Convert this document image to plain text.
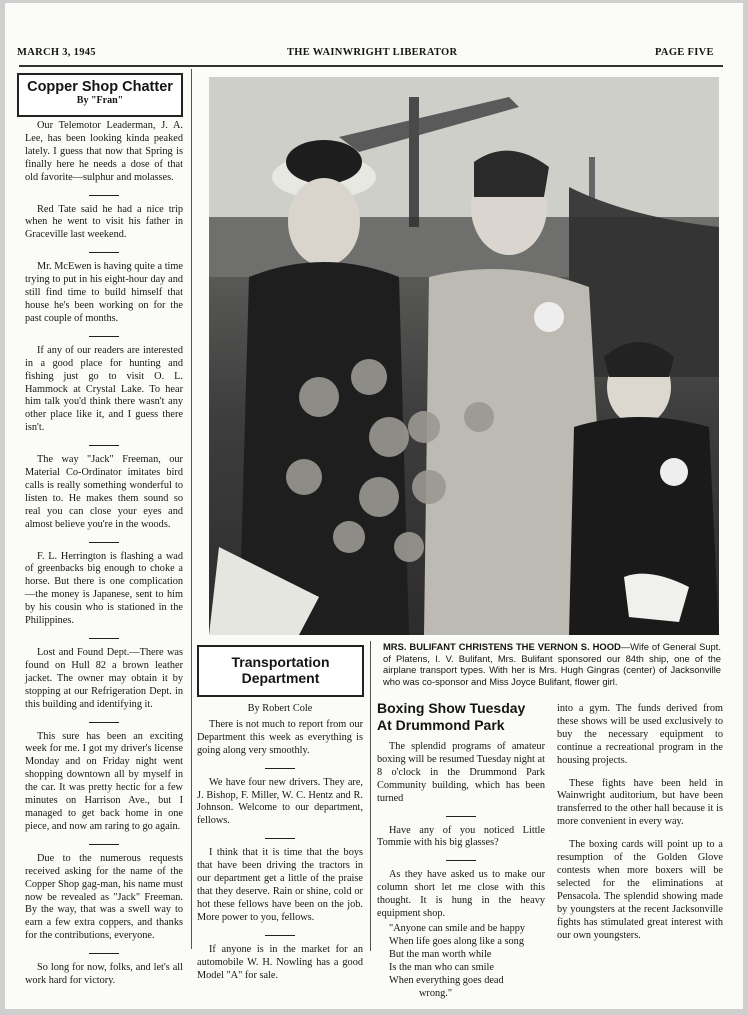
MARCH 3, 1945	THE WAINWRIGHT LIBERATOR	PAGE FIVE
Copper Shop Chatter
By "Fran"

Our Telemotor Leaderman, J. A. Lee, has been looking kinda peaked lately. I guess that now that Spring is finally here he needs a dose of that old favorite—sulphur and molasses.

Red Tate said he had a nice trip when he went to visit his father in Graceville last weekend.

Mr. McEwen is having quite a time trying to put in his eight-hour day and still find time to build himself that house he's been working on for the past couple of months.

If any of our readers are interested in a good place for hunting and fishing just go to visit O. L. Hammock at Crystal Lake. To hear him talk you'd think there wasn't any other place like it, and I guess there isn't.

The way "Jack" Freeman, our Material Co-Ordinator imitates bird calls is really something wonderful to listen to. He makes them sound so real you can close your eyes and almost believe you're in the woods.

F. L. Herrington is flashing a wad of greenbacks big enough to choke a horse. But there is one complication—the money is Japanese, sent to him by his cousin who is stationed in the Philippines.

Lost and Found Dept.—There was found on Hull 82 a brown leather jacket. The owner may obtain it by stopping at our Refrigeration Dept. in this building and identifying it.

This sure has been an exciting week for me. I got my driver's license Monday and on Friday night went shopping downtown all by myself in the car. It was pretty hectic for a few minutes on Harrison Ave., but I managed to get back home in one piece, and now am raring to go again.

Due to the numerous requests received asking for the name of the Copper Shop gag-man, his name must now be revealed as "Jack" Freeman. By the way, that was a swell way to earn a few extra coppers, and thanks for the contributions, everyone.

So long for now, folks, and let's all work hard for victory.

MRS. BULIFANT CHRISTENS THE VERNON S. HOOD—Wife of General Supt. of Platens, I. V. Bulifant, Mrs. Bulifant sponsored our 84th ship, one of the airplane transport types. With her is Mrs. Hugh Gingras (center) of Jacksonville who was co-sponsor and Miss Joyce Bulifant, flower girl.
Transportation
Department
By Robert Cole

There is not much to report from our Department this week as everything is going along very smoothly.

We have four new drivers. They are, J. Bishop, F. Miller, W. C. Hentz and R. Johnson. Welcome to our department, fellows.

I think that it is time that the boys that have been driving the tractors in our department get a little of the praise that they deserve. Rain or shine, cold or hot these fellows have been on the job. More power to you, fellows.

If anyone is in the market for an automobile W. H. Nowling has a good Model "A" for sale.

Boxing Show Tuesday
At Drummond Park

The splendid programs of amateur boxing will be resumed Tuesday night at 8 o'clock in the Drummond Park Community building, which has been turned

Have any of you noticed Little Tommie with his big glasses?

As they have asked us to make our column short let me close with this thought. It is hung in the heavy equipment shop.

"Anyone can smile and be happy
When life goes along like a song
But the man worth while
Is the man who can smile
When everything goes dead
wrong."

into a gym. The funds derived from these shows will be used exclusively to buy the necessary equipment to continue a recreational program in the housing projects.

These fights have been held in Wainwright auditorium, but have been transferred to the other hall because it is more convenient in every way.

The boxing cards will point up to a resumption of the Golden Glove contests when more boxers will be selected for the eliminations at Pensacola. The splendid showing made by youngsters at the recent Jacksonville fights has stimulated great interest with our own youngsters.
